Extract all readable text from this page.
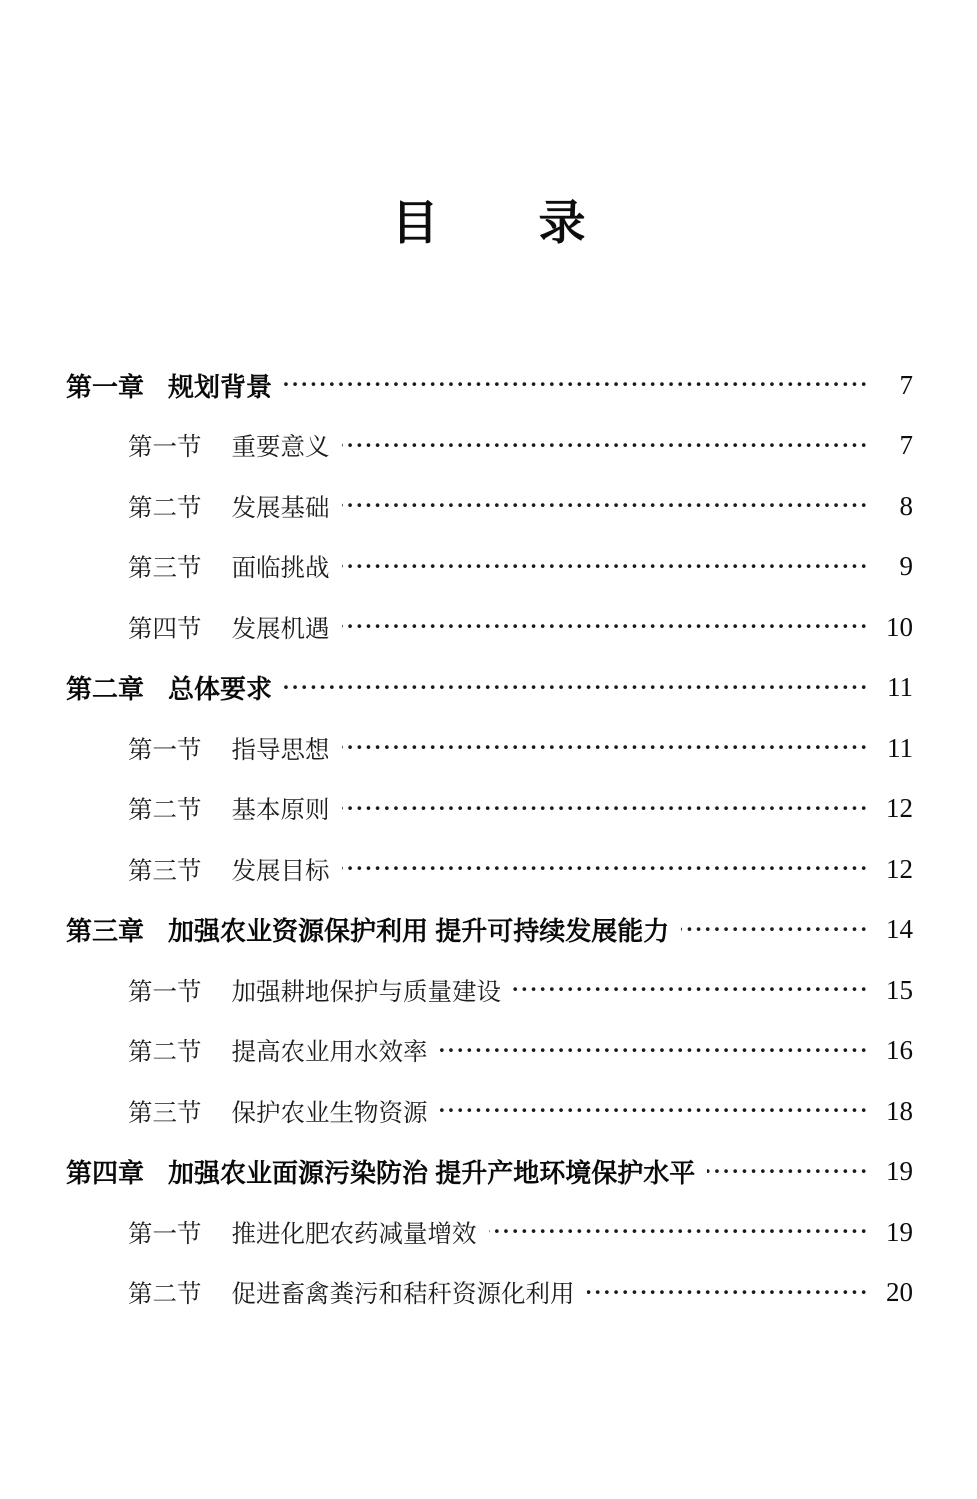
目　　录
第一章 规划背景 ·····	7
第一节 重要意义 ·····	7
第二节 发展基础 ·····	8
第三节 面临挑战 ·····	9
第四节 发展机遇 ·····	10
第二章 总体要求 ·····	11
第一节 指导思想 ·····	11
第二节 基本原则 ·····	12
第三节 发展目标 ·····	12
第三章 加强农业资源保护利用 提升可持续发展能力 ·····	14
第一节 加强耕地保护与质量建设 ·····	15
第二节 提高农业用水效率 ·····	16
第三节 保护农业生物资源 ·····	18
第四章 加强农业面源污染防治 提升产地环境保护水平 ·····	19
第一节 推进化肥农药减量增效 ·····	19
第二节 促进畜禽粪污和秸秆资源化利用 ·····	20
